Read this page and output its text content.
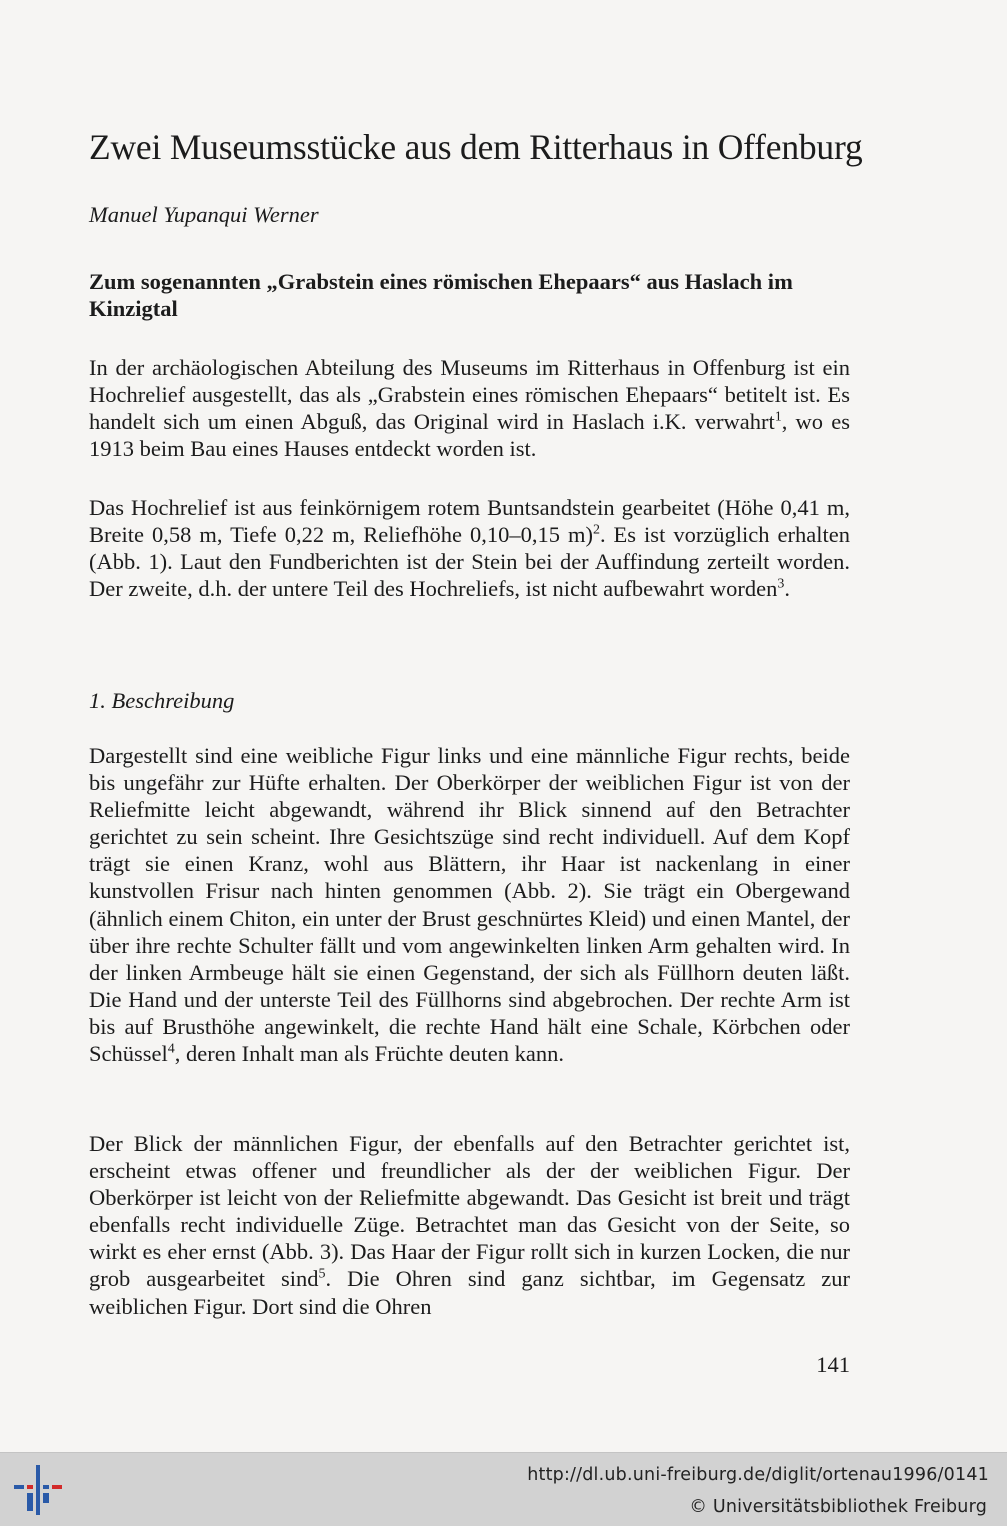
Zwei Museumsstücke aus dem Ritterhaus in Offenburg
Manuel Yupanqui Werner
Zum sogenannten „Grabstein eines römischen Ehepaars“ aus Haslach im Kinzigtal
In der archäologischen Abteilung des Museums im Ritterhaus in Offenburg ist ein Hochrelief ausgestellt, das als „Grabstein eines römischen Ehepaars“ betitelt ist. Es handelt sich um einen Abguß, das Original wird in Haslach i.K. verwahrt$^1$, wo es 1913 beim Bau eines Hauses entdeckt worden ist.
Das Hochrelief ist aus feinkörnigem rotem Buntsandstein gearbeitet (Höhe 0,41 m, Breite 0,58 m, Tiefe 0,22 m, Reliefhöhe 0,10–0,15 m)$^2$. Es ist vorzüglich erhalten (Abb. 1). Laut den Fundberichten ist der Stein bei der Auffindung zerteilt worden. Der zweite, d.h. der untere Teil des Hochreliefs, ist nicht aufbewahrt worden$^3$.
1. Beschreibung
Dargestellt sind eine weibliche Figur links und eine männliche Figur rechts, beide bis ungefähr zur Hüfte erhalten. Der Oberkörper der weiblichen Figur ist von der Reliefmitte leicht abgewandt, während ihr Blick sinnend auf den Betrachter gerichtet zu sein scheint. Ihre Gesichtszüge sind recht individuell. Auf dem Kopf trägt sie einen Kranz, wohl aus Blättern, ihr Haar ist nackenlang in einer kunstvollen Frisur nach hinten genommen (Abb. 2). Sie trägt ein Obergewand (ähnlich einem Chiton, ein unter der Brust geschnürtes Kleid) und einen Mantel, der über ihre rechte Schulter fällt und vom angewinkelten linken Arm gehalten wird. In der linken Armbeuge hält sie einen Gegenstand, der sich als Füllhorn deuten läßt. Die Hand und der unterste Teil des Füllhorns sind abgebrochen. Der rechte Arm ist bis auf Brusthöhe angewinkelt, die rechte Hand hält eine Schale, Körbchen oder Schüssel$^4$, deren Inhalt man als Früchte deuten kann.
Der Blick der männlichen Figur, der ebenfalls auf den Betrachter gerichtet ist, erscheint etwas offener und freundlicher als der der weiblichen Figur. Der Oberkörper ist leicht von der Reliefmitte abgewandt. Das Gesicht ist breit und trägt ebenfalls recht individuelle Züge. Betrachtet man das Gesicht von der Seite, so wirkt es eher ernst (Abb. 3). Das Haar der Figur rollt sich in kurzen Locken, die nur grob ausgearbeitet sind$^5$. Die Ohren sind ganz sichtbar, im Gegensatz zur weiblichen Figur. Dort sind die Ohren
141
http://dl.ub.uni-freiburg.de/diglit/ortenau1996/0141
© Universitätsbibliothek Freiburg
